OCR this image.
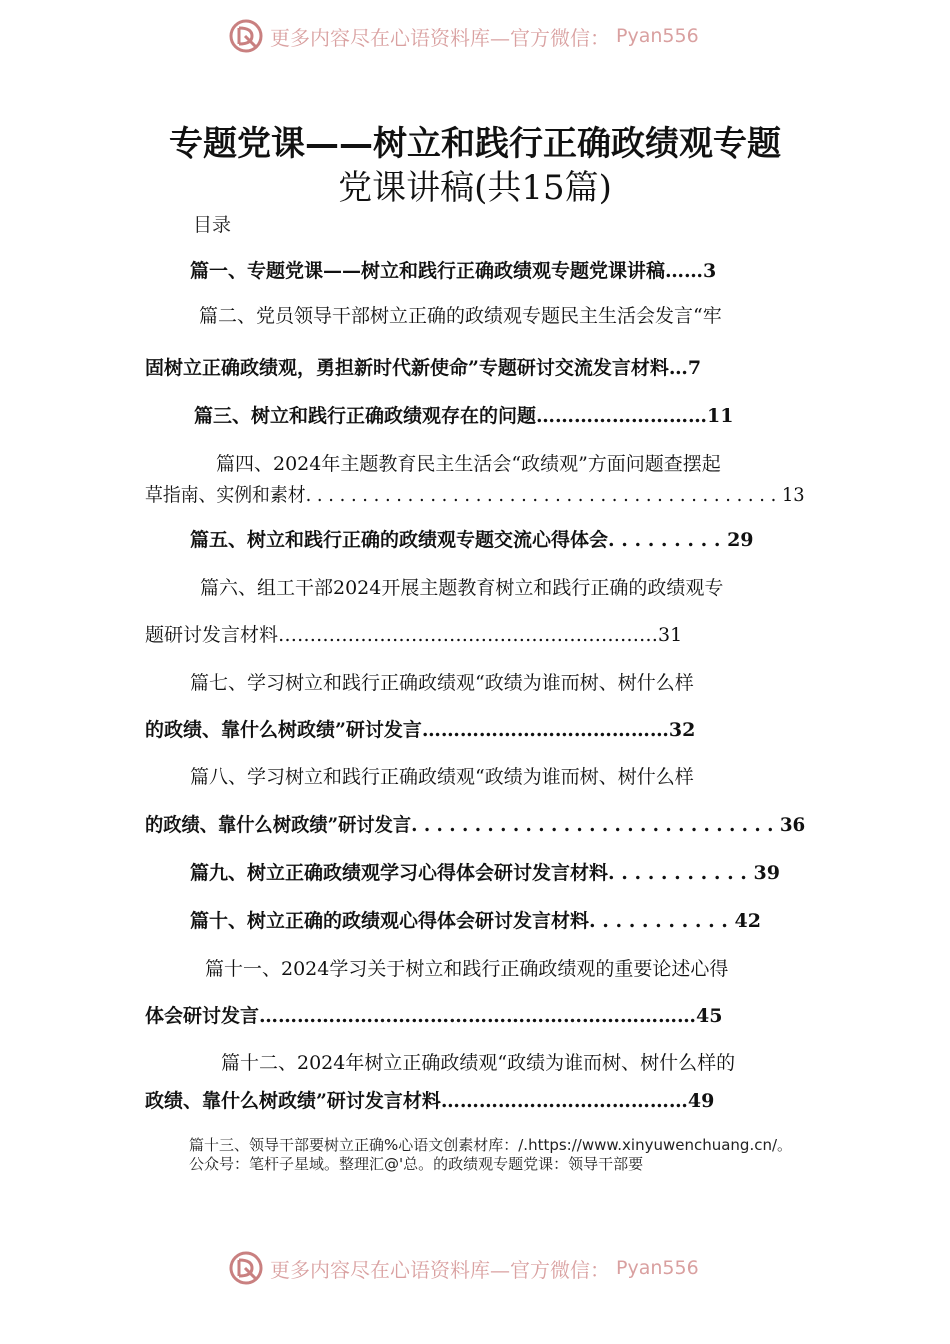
更多内容尽在心语资料库—官方微信： Pyan556
专题党课——树立和践行正确政绩观专题
党课讲稿(共15篇)
目录
篇一、专题党课——树立和践行正确政绩观专题党课讲稿……3
篇二、党员领导干部树立正确的政绩观专题民主生活会发言“牢
固树立正确政绩观，勇担新时代新使命”专题研讨交流发言材料…7
篇三、树立和践行正确政绩观存在的问题………………………11
篇四、2024年主题教育民主生活会“政绩观”方面问题查摆起
草指南、实例和素材. . . . . . . . . . . . . . . . . . . . . . . . . . . . . . . . . . . . . . . . . . 13
篇五、树立和践行正确的政绩观专题交流心得体会. . . . . . . . . 29
篇六、组工干部2024开展主题教育树立和践行正确的政绩观专
题研讨发言材料……………………………………………………31
篇七、学习树立和践行正确政绩观“政绩为谁而树、树什么样
的政绩、靠什么树政绩”研讨发言…………………………………32
篇八、学习树立和践行正确政绩观“政绩为谁而树、树什么样
的政绩、靠什么树政绩”研讨发言. . . . . . . . . . . . . . . . . . . . . . . . . . . . . 36
篇九、树立正确政绩观学习心得体会研讨发言材料. . . . . . . . . . . 39
篇十、树立正确的政绩观心得体会研讨发言材料. . . . . . . . . . . 42
篇十一、2024学习关于树立和践行正确政绩观的重要论述心得
体会研讨发言……………………………………………………………45
篇十二、2024年树立正确政绩观“政绩为谁而树、树什么样的
政绩、靠什么树政绩”研讨发言材料…………………………………49
篇十三、领导干部要树立正确%心语文创素材库：/.https://www.xinyuwenchuang.cn/。公众号：笔杆子星域。整理汇@'总。的政绩观专题党课：领导干部要
更多内容尽在心语资料库—官方微信： Pyan556
